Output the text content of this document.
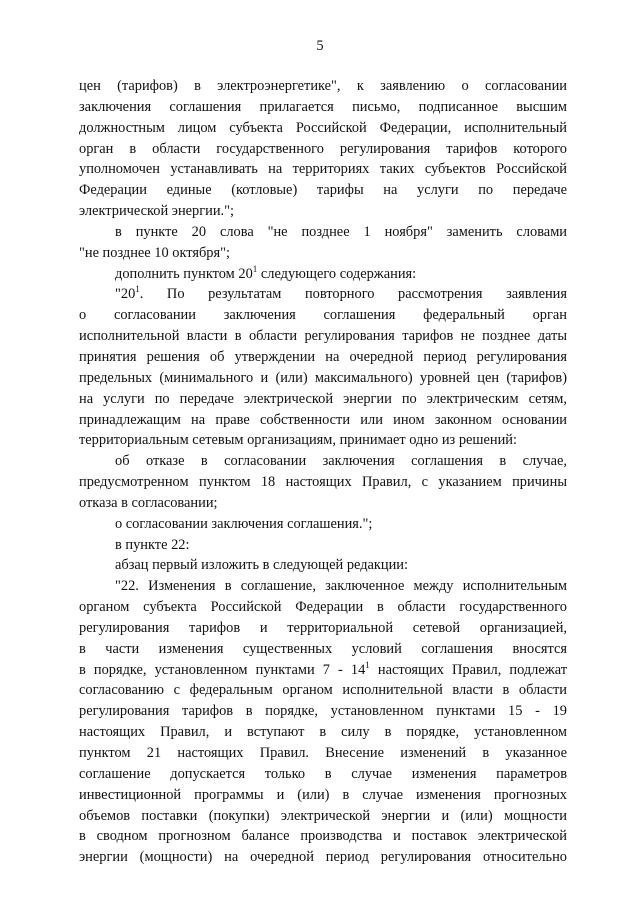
5
цен (тарифов) в электроэнергетике", к заявлению о согласовании
заключения соглашения прилагается письмо, подписанное высшим
должностным лицом субъекта Российской Федерации, исполнительный
орган в области государственного регулирования тарифов которого
уполномочен устанавливать на территориях таких субъектов Российской
Федерации единые (котловые) тарифы на услуги по передаче
электрической энергии.";
в пункте 20 слова "не позднее 1 ноября" заменить словами
"не позднее 10 октября";
дополнить пунктом $20^1$ следующего содержания:
"$20^1$. По результатам повторного рассмотрения заявления
о согласовании заключения соглашения федеральный орган
исполнительной власти в области регулирования тарифов не позднее даты
принятия решения об утверждении на очередной период регулирования
предельных (минимального и (или) максимального) уровней цен (тарифов)
на услуги по передаче электрической энергии по электрическим сетям,
принадлежащим на праве собственности или ином законном основании
территориальным сетевым организациям, принимает одно из решений:
об отказе в согласовании заключения соглашения в случае,
предусмотренном пунктом 18 настоящих Правил, с указанием причины
отказа в согласовании;
о согласовании заключения соглашения.";
в пункте 22:
абзац первый изложить в следующей редакции:
"22. Изменения в соглашение, заключенное между исполнительным
органом субъекта Российской Федерации в области государственного
регулирования тарифов и территориальной сетевой организацией,
в части изменения существенных условий соглашения вносятся
в порядке, установленном пунктами $7 - 14^1$ настоящих Правил, подлежат
согласованию с федеральным органом исполнительной власти в области
регулирования тарифов в порядке, установленном пунктами 15 - 19
настоящих Правил, и вступают в силу в порядке, установленном
пунктом 21 настоящих Правил. Внесение изменений в указанное
соглашение допускается только в случае изменения параметров
инвестиционной программы и (или) в случае изменения прогнозных
объемов поставки (покупки) электрической энергии и (или) мощности
в сводном прогнозном балансе производства и поставок электрической
энергии (мощности) на очередной период регулирования относительно
